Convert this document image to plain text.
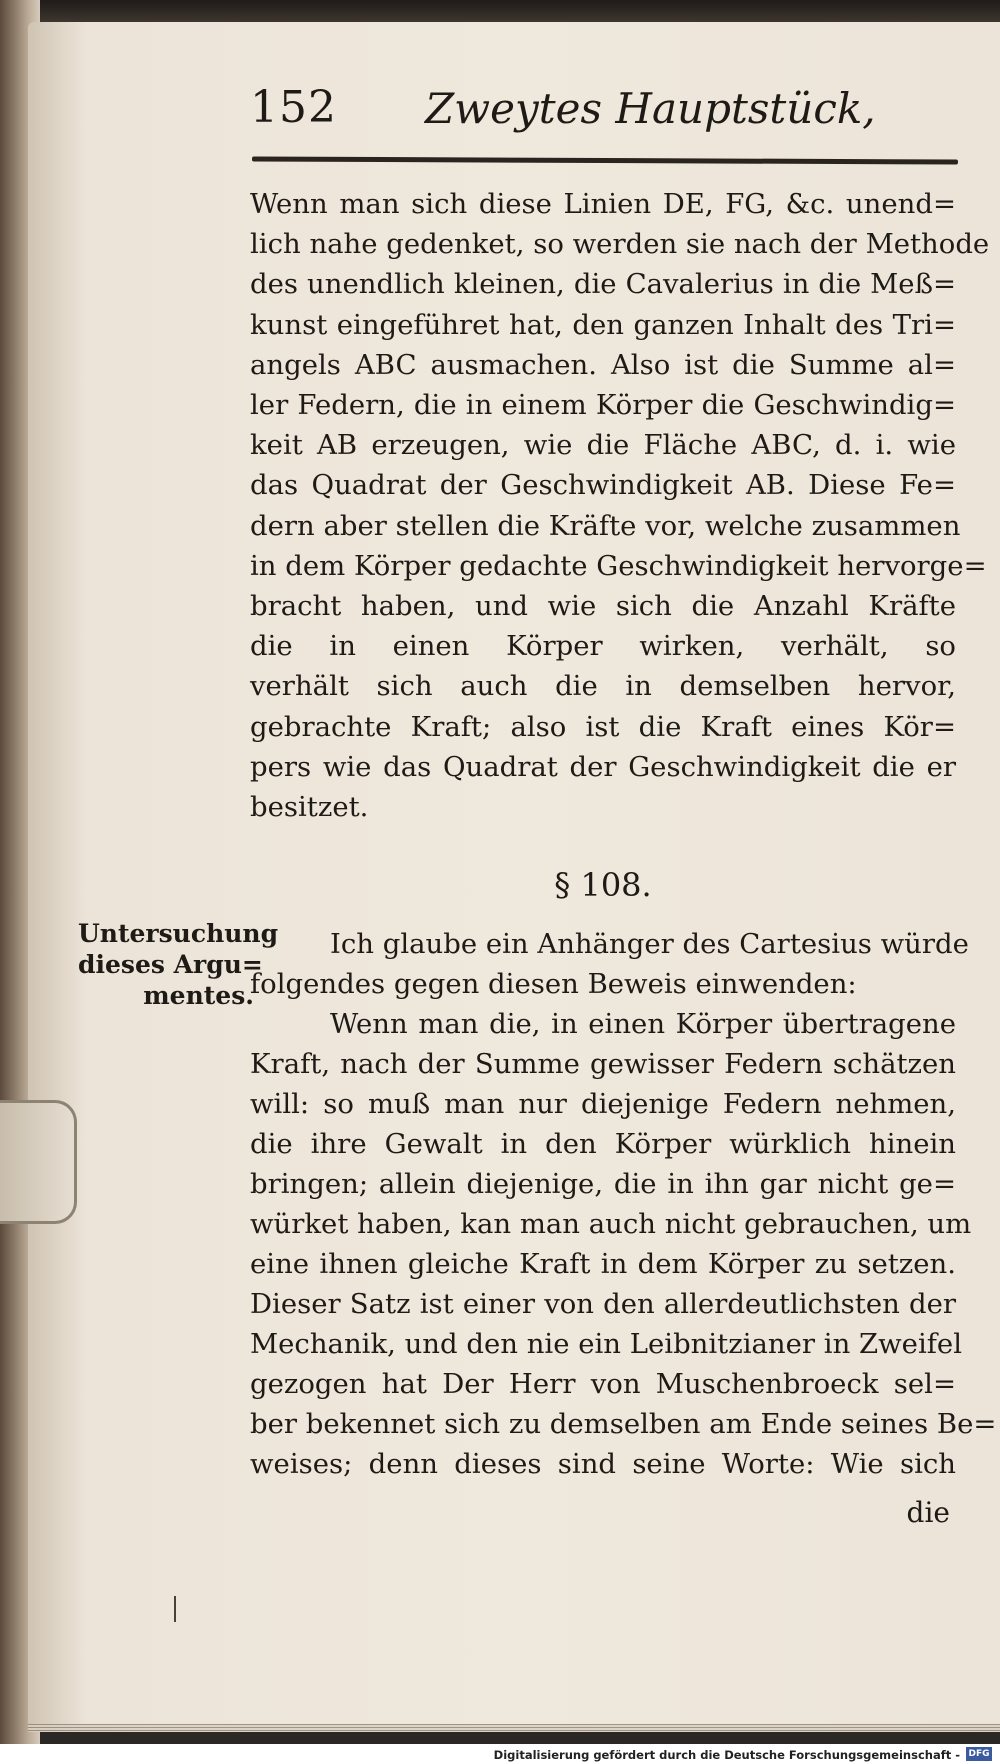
152 Zweytes Hauptstück,
Wenn man sich diese Linien DE, FG, &c. unend=
lich nahe gedenket, so werden sie nach der Methode
des unendlich kleinen, die Cavalerius in die Meß=
kunst eingeführet hat, den ganzen Inhalt des Tri=
angels ABC ausmachen. Also ist die Summe al=
ler Federn, die in einem Körper die Geschwindig=
keit AB erzeugen, wie die Fläche ABC, d. i. wie
das Quadrat der Geschwindigkeit AB. Diese Fe=
dern aber stellen die Kräfte vor, welche zusammen
in dem Körper gedachte Geschwindigkeit hervorge=
bracht haben, und wie sich die Anzahl Kräfte
die in einen Körper wirken, verhält, so
verhält sich auch die in demselben hervor,
gebrachte Kraft; also ist die Kraft eines Kör=
pers wie das Quadrat der Geschwindigkeit die er
besitzet.
§ 108.
Untersuchung
dieses Argu=
mentes.
Ich glaube ein Anhänger des Cartesius würde
folgendes gegen diesen Beweis einwenden:
Wenn man die, in einen Körper übertragene
Kraft, nach der Summe gewisser Federn schätzen
will: so muß man nur diejenige Federn nehmen,
die ihre Gewalt in den Körper würklich hinein
bringen; allein diejenige, die in ihn gar nicht ge=
würket haben, kan man auch nicht gebrauchen, um
eine ihnen gleiche Kraft in dem Körper zu setzen.
Dieser Satz ist einer von den allerdeutlichsten der
Mechanik, und den nie ein Leibnitzianer in Zweifel
gezogen hat Der Herr von Muschenbroeck sel=
ber bekennet sich zu demselben am Ende seines Be=
weises; denn dieses sind seine Worte: Wie sich
die
Digitalisierung gefördert durch die Deutsche Forschungsgemeinschaft - DFG
